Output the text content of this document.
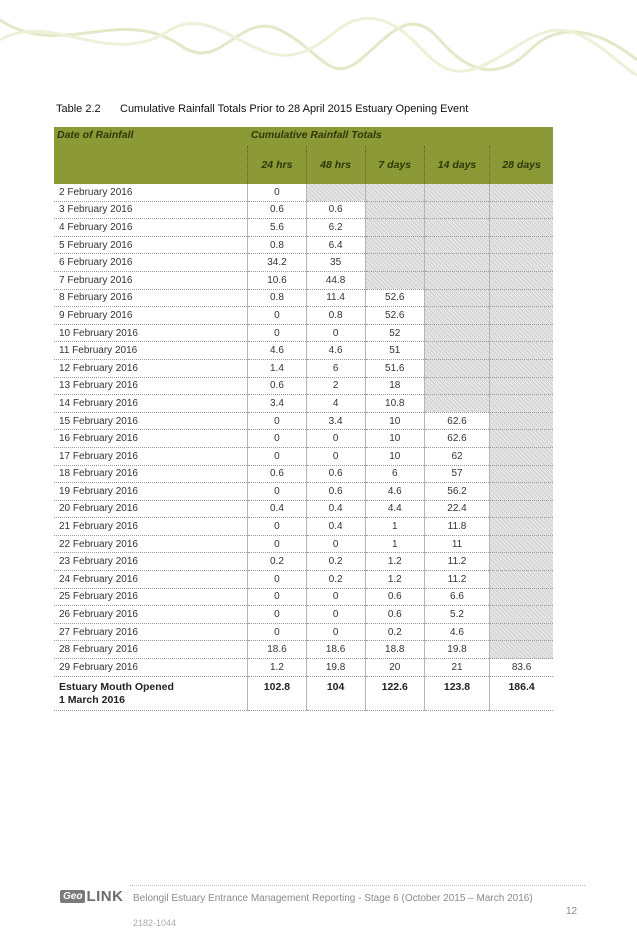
Table 2.2 Cumulative Rainfall Totals Prior to 28 April 2015 Estuary Opening Event
Date of Rainfall	Cumulative Rainfall Totals				
	24 hrs	48 hrs	7 days	14 days	28 days
2 February 2016	0				
3 February 2016	0.6	0.6			
4 February 2016	5.6	6.2			
5 February 2016	0.8	6.4			
6 February 2016	34.2	35			
7 February 2016	10.6	44.8			
8 February 2016	0.8	11.4	52.6		
9 February 2016	0	0.8	52.6		
10 February 2016	0	0	52		
11 February 2016	4.6	4.6	51		
12 February 2016	1.4	6	51.6		
13 February 2016	0.6	2	18		
14 February 2016	3.4	4	10.8		
15 February 2016	0	3.4	10	62.6	
16 February 2016	0	0	10	62.6	
17 February 2016	0	0	10	62	
18 February 2016	0.6	0.6	6	57	
19 February 2016	0	0.6	4.6	56.2	
20 February 2016	0.4	0.4	4.4	22.4	
21 February 2016	0	0.4	1	11.8	
22 February 2016	0	0	1	11	
23 February 2016	0.2	0.2	1.2	11.2	
24 February 2016	0	0.2	1.2	11.2	
25 February 2016	0	0	0.6	6.6	
26 February 2016	0	0	0.6	5.2	
27 February 2016	0	0	0.2	4.6	
28 February 2016	18.6	18.6	18.8	19.8	
29 February 2016	1.2	19.8	20	21	83.6

Estuary Mouth Opened
1 March 2016	102.8	104	122.6	123.8	186.4
Geo LINK Belongil Estuary Entrance Management Reporting - Stage 6 (October 2015 – March 2016)
2182-1044
12
